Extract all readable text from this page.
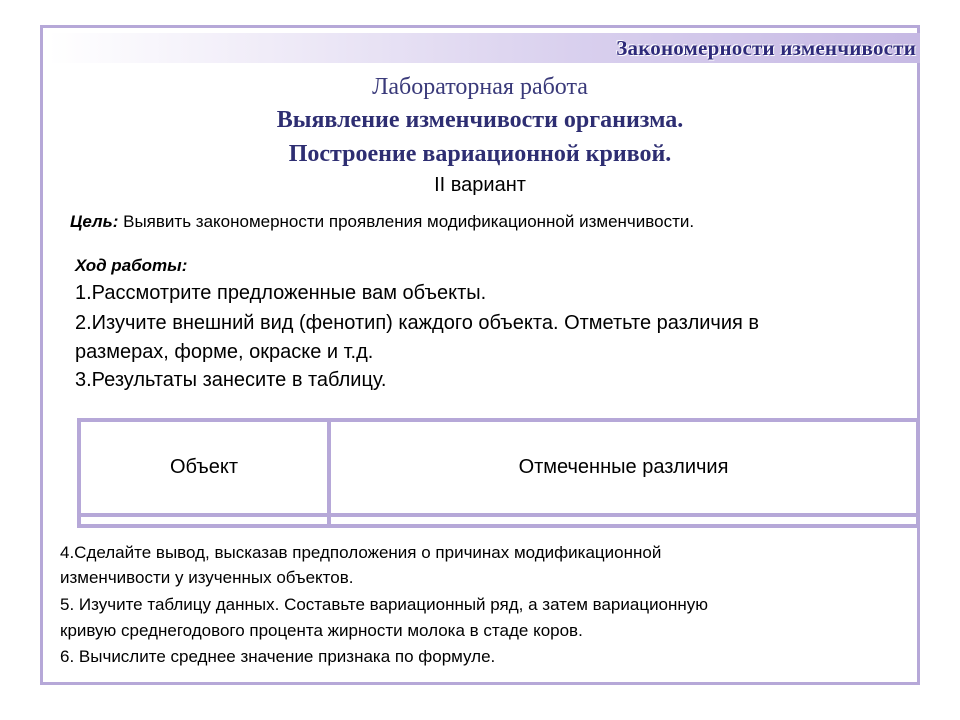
Закономерности изменчивости
Лабораторная работа
Выявление изменчивости организма.
Построение вариационной кривой.
II вариант
Цель: Выявить закономерности проявления модификационной изменчивости.
Ход работы:
1.Рассмотрите предложенные вам объекты.
2.Изучите внешний вид (фенотип) каждого объекта. Отметьте различия в
размерах, форме, окраске и т.д.
3.Результаты занесите в таблицу.
Объект	Отмеченные различия

4.Сделайте вывод, высказав предположения о причинах модификационной
изменчивости у изученных объектов.
5. Изучите таблицу данных. Составьте вариационный ряд, а затем вариационную
кривую среднегодового процента жирности молока в стаде коров.
6. Вычислите среднее значение признака по формуле.
